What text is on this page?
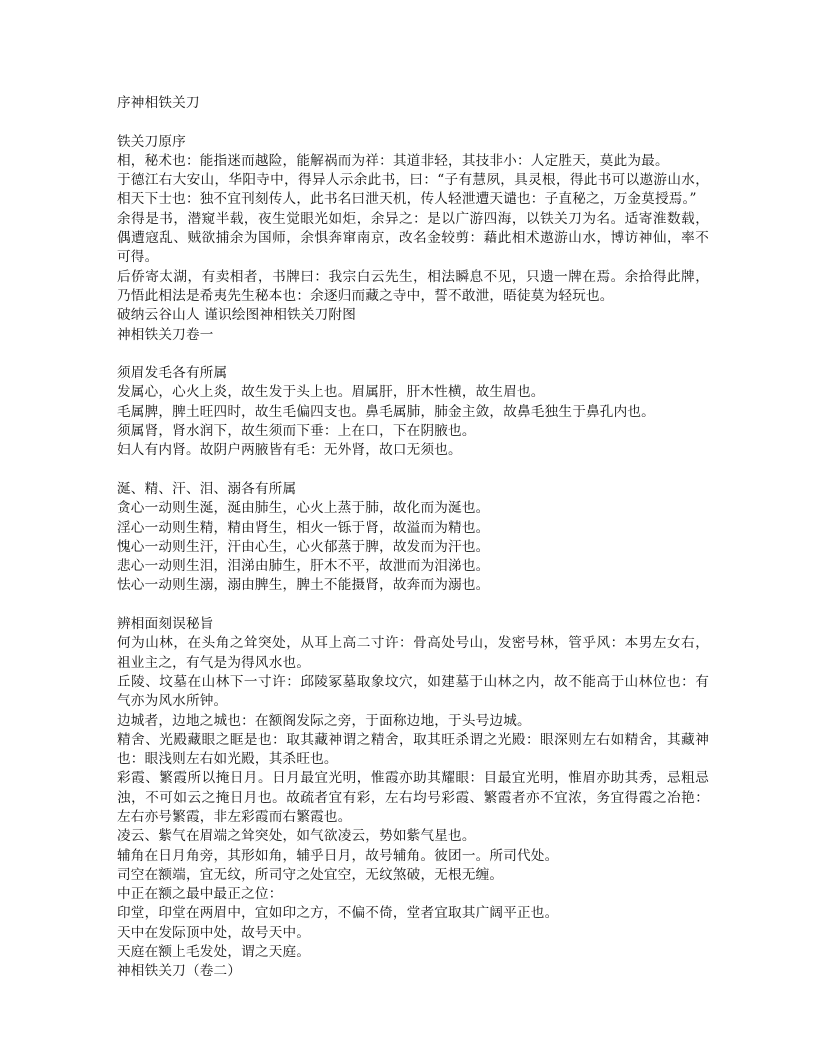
序神相铁关刀
铁关刀原序

相，秘术也：能指迷而越险，能解祸而为祥：其道非轻，其技非小：人定胜天，莫此为最。

于德江右大安山，华阳寺中，得异人示余此书，曰：“子有慧夙，具灵根，得此书可以遨游山水，相天下士也：独不宜刊刻传人，此书名曰泄天机，传人轻泄遭天谴也：子直秘之，万金莫授焉。”

余得是书，潜窥半载，夜生觉眼光如炬，余异之：是以广游四海，以铁关刀为名。适寄淮数载，偶遭寇乱、贼欲捕余为国师，余惧奔窜南京，改名金较剪：藉此相术遨游山水，博访神仙，率不可得。

后侨寄太湖，有卖相者，书牌曰：我宗白云先生，相法瞬息不见，只遗一牌在焉。余拾得此牌，乃悟此相法是希夷先生秘本也：余逐归而藏之寺中，誓不敢泄，晤徒莫为轻玩也。

破纳云谷山人 谨识绘图神相铁关刀附图
神相铁关刀卷一
须眉发毛各有所属
发属心，心火上炎，故生发于头上也。眉属肝，肝木性横，故生眉也。
毛属脾，脾土旺四时，故生毛偏四支也。鼻毛属肺，肺金主敛，故鼻毛独生于鼻孔内也。
须属肾，肾水润下，故生须而下垂：上在口，下在阴腋也。
妇人有内肾。故阴户两腋皆有毛：无外肾，故口无须也。
涎、精、汗、泪、溺各有所属
贪心一动则生涎，涎由肺生，心火上蒸于肺，故化而为涎也。
淫心一动则生精，精由肾生，相火一铄于肾，故溢而为精也。
愧心一动则生汗，汗由心生，心火郁蒸于脾，故发而为汗也。
悲心一动则生泪，泪涕由肺生，肝木不平，故泄而为泪涕也。
怯心一动则生溺，溺由脾生，脾土不能摄肾，故奔而为溺也。
辨相面刻误秘旨

何为山林，在头角之耸突处，从耳上高二寸许：骨高处号山，发密号林，管乎风：本男左女右，祖业主之，有气是为得风水也。

丘陵、坟墓在山林下一寸许：邱陵冢墓取象坟穴，如建墓于山林之内，故不能高于山林位也：有气亦为风水所钟。

边城者，边地之城也：在额阁发际之旁，于面称边地，于头号边城。

精舍、光殿藏眼之眶是也：取其藏神谓之精舍，取其旺杀谓之光殿：眼深则左右如精舍，其藏神也：眼浅则左右如光殿，其杀旺也。

彩霞、繁霞所以掩日月。日月最宜光明，惟霞亦助其耀眼：目最宜光明，惟眉亦助其秀，忌粗忌浊，不可如云之掩日月也。故疏者宜有彩，左右均号彩霞、繁霞者亦不宜浓，务宜得霞之冶艳：左右亦号繁霞，非左彩霞而右繁霞也。

凌云、紫气在眉端之耸突处，如气欲凌云，势如紫气星也。

辅角在日月角旁，其形如角，辅乎日月，故号辅角。彼团一。所司代处。

司空在额端，宜无纹，所司守之处宜空，无纹煞破，无根无缠。

中正在额之最中最正之位：

印堂，印堂在两眉中，宜如印之方，不偏不倚，堂者宜取其广阔平正也。

天中在发际顶中处，故号天中。

天庭在额上毛发处，谓之天庭。

神相铁关刀（卷二）
